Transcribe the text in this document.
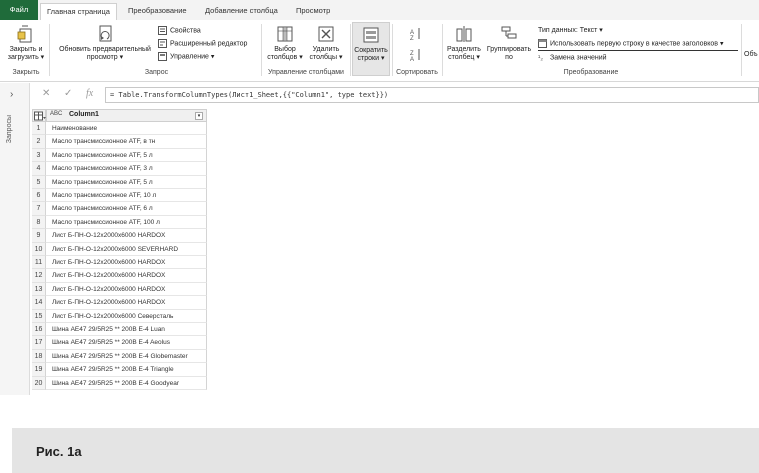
Файл	Главная страница	Преобразование	Добавление столбца	Просмотр
Закрыть и загрузить ▾
Закрыть
Обновить предварительный просмотр ▾
Свойства
Расширенный редактор
Управление ▾
Запрос
Выбор столбцов ▾
Удалить столбцы ▾
Управление столбцами
Сократить строки ▾
A
Z
Z
A
Сортировать
Разделить столбец ▾
Группировать по
Тип данных: Текст ▾
Использовать первую строку в качестве заголовков ▾
¹₂ Замена значений
Преобразование
Объ
›
Запросы
✕ ✓ fx	= Table.TransformColumnTypes(Лист1_Sheet,{{"Column1", type text}})
ABC Column1	▾
1	Наименование
2	Масло трансмиссионное ATF, в тн
3	Масло трансмиссионное ATF, 5 л
4	Масло трансмиссионное ATF, 3 л
5	Масло трансмиссионное ATF, 5 л
6	Масло трансмиссионное ATF, 10 л
7	Масло трансмиссионное ATF, 6 л
8	Масло трансмиссионное ATF, 100 л
9	Лист Б-ПН-О-12х2000х6000 HARDOX
10	Лист Б-ПН-О-12х2000х6000 SEVERHARD
11	Лист Б-ПН-О-12х2000х6000 HARDOX
12	Лист Б-ПН-О-12х2000х6000 HARDOX
13	Лист Б-ПН-О-12х2000х6000 HARDOX
14	Лист Б-ПН-О-12х2000х6000 HARDOX
15	Лист Б-ПН-О-12х2000х6000 Северсталь
16	Шина AE47 29/5R25 ** 200B E-4 Luan
17	Шина AE47 29/5R25 ** 200B E-4 Aeolus
18	Шина AE47 29/5R25 ** 200B E-4 Globemaster
19	Шина AE47 29/5R25 ** 200B E-4 Triangle
20	Шина AE47 29/5R25 ** 200B E-4 Goodyear
Рис. 1а
